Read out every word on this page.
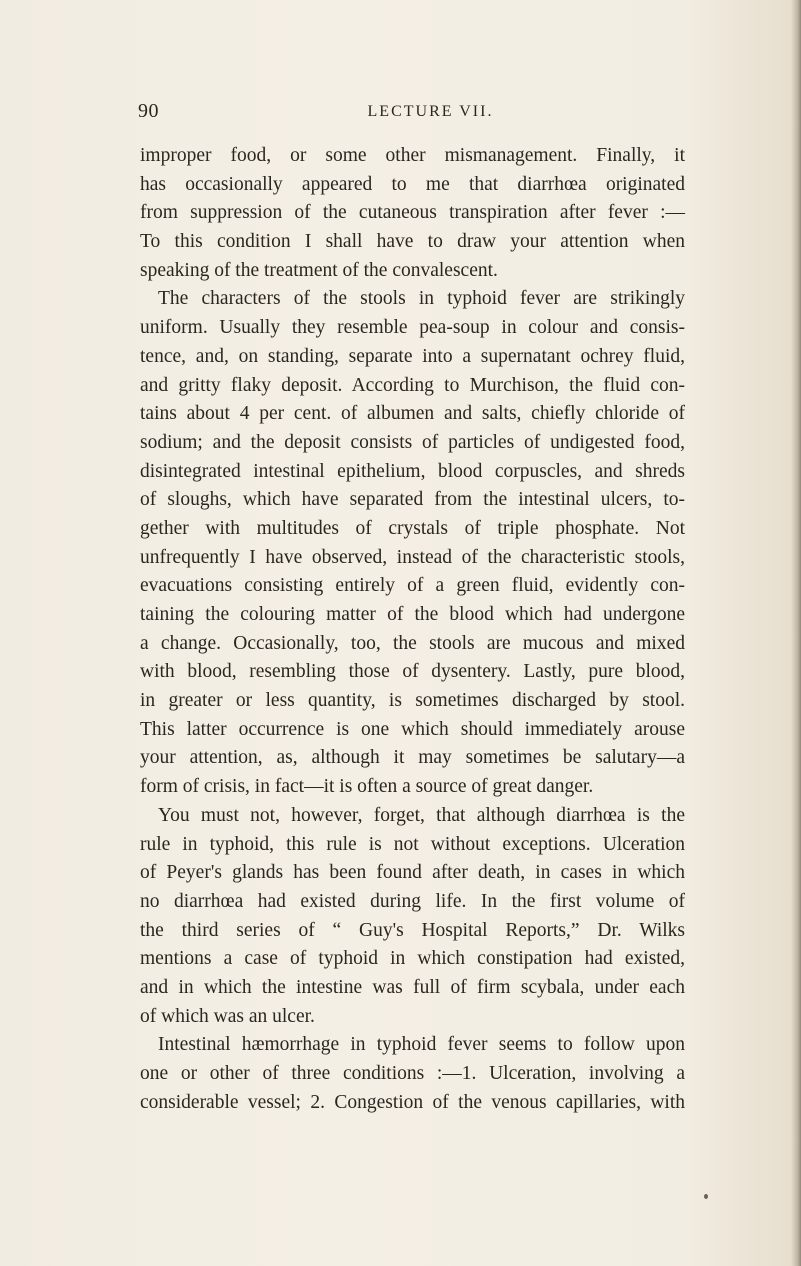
90	LECTURE VII.
improper food, or some other mismanagement. Finally, it
has occasionally appeared to me that diarrhœa originated
from suppression of the cutaneous transpiration after fever :—
To this condition I shall have to draw your attention when
speaking of the treatment of the convalescent.
The characters of the stools in typhoid fever are strikingly
uniform. Usually they resemble pea-soup in colour and consis-
tence, and, on standing, separate into a supernatant ochrey fluid,
and gritty flaky deposit. According to Murchison, the fluid con-
tains about 4 per cent. of albumen and salts, chiefly chloride of
sodium; and the deposit consists of particles of undigested food,
disintegrated intestinal epithelium, blood corpuscles, and shreds
of sloughs, which have separated from the intestinal ulcers, to-
gether with multitudes of crystals of triple phosphate. Not
unfrequently I have observed, instead of the characteristic stools,
evacuations consisting entirely of a green fluid, evidently con-
taining the colouring matter of the blood which had undergone
a change. Occasionally, too, the stools are mucous and mixed
with blood, resembling those of dysentery. Lastly, pure blood,
in greater or less quantity, is sometimes discharged by stool.
This latter occurrence is one which should immediately arouse
your attention, as, although it may sometimes be salutary—a
form of crisis, in fact—it is often a source of great danger.
You must not, however, forget, that although diarrhœa is the
rule in typhoid, this rule is not without exceptions. Ulceration
of Peyer's glands has been found after death, in cases in which
no diarrhœa had existed during life. In the first volume of
the third series of “ Guy's Hospital Reports,” Dr. Wilks
mentions a case of typhoid in which constipation had existed,
and in which the intestine was full of firm scybala, under each
of which was an ulcer.
Intestinal hæmorrhage in typhoid fever seems to follow upon
one or other of three conditions :—1. Ulceration, involving a
considerable vessel; 2. Congestion of the venous capillaries, with
